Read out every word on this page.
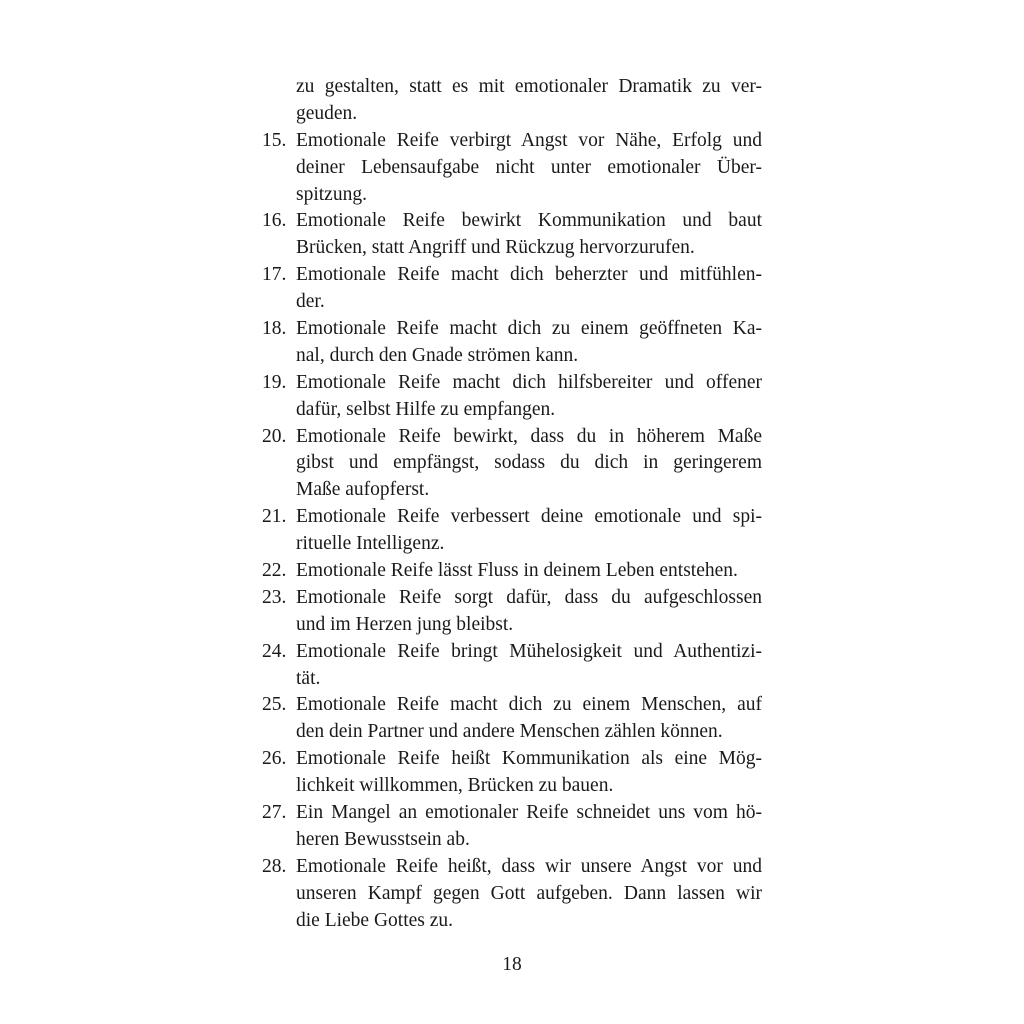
zu gestalten, statt es mit emotionaler Dramatik zu ver-
geuden.
15. Emotionale Reife verbirgt Angst vor Nähe, Erfolg und
deiner Lebensaufgabe nicht unter emotionaler Über-
spitzung.
16. Emotionale Reife bewirkt Kommunikation und baut
Brücken, statt Angriff und Rückzug hervorzurufen.
17. Emotionale Reife macht dich beherzter und mitfühlen-
der.
18. Emotionale Reife macht dich zu einem geöffneten Ka-
nal, durch den Gnade strömen kann.
19. Emotionale Reife macht dich hilfsbereiter und offener
dafür, selbst Hilfe zu empfangen.
20. Emotionale Reife bewirkt, dass du in höherem Maße
gibst und empfängst, sodass du dich in geringerem
Maße aufopferst.
21. Emotionale Reife verbessert deine emotionale und spi-
rituelle Intelligenz.
22. Emotionale Reife lässt Fluss in deinem Leben entstehen.
23. Emotionale Reife sorgt dafür, dass du aufgeschlossen
und im Herzen jung bleibst.
24. Emotionale Reife bringt Mühelosigkeit und Authentizi-
tät.
25. Emotionale Reife macht dich zu einem Menschen, auf
den dein Partner und andere Menschen zählen können.
26. Emotionale Reife heißt Kommunikation als eine Mög-
lichkeit willkommen, Brücken zu bauen.
27. Ein Mangel an emotionaler Reife schneidet uns vom hö-
heren Bewusstsein ab.
28. Emotionale Reife heißt, dass wir unsere Angst vor und
unseren Kampf gegen Gott aufgeben. Dann lassen wir
die Liebe Gottes zu.
18
